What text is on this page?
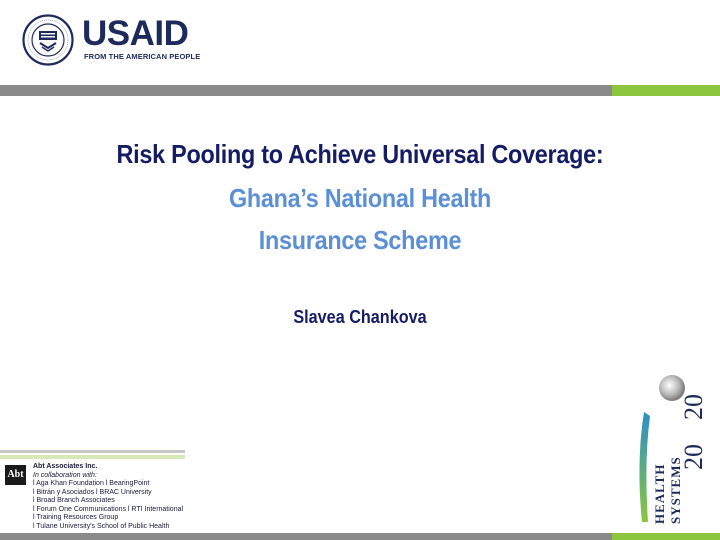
USAID
FROM THE AMERICAN PEOPLE
Risk Pooling to Achieve Universal Coverage:
Ghana’s National Health
Insurance Scheme
Slavea Chankova
Abt
Abt Associates Inc.
In collaboration with:
l Aga Khan Foundation l BearingPoint
l Bitrán y Asociados l BRAC University
l Broad Branch Associates
l Forum One Communications l RTI International
l Training Resources Group
l Tulane University's School of Public Health
HEALTH SYSTEMS
20
20
